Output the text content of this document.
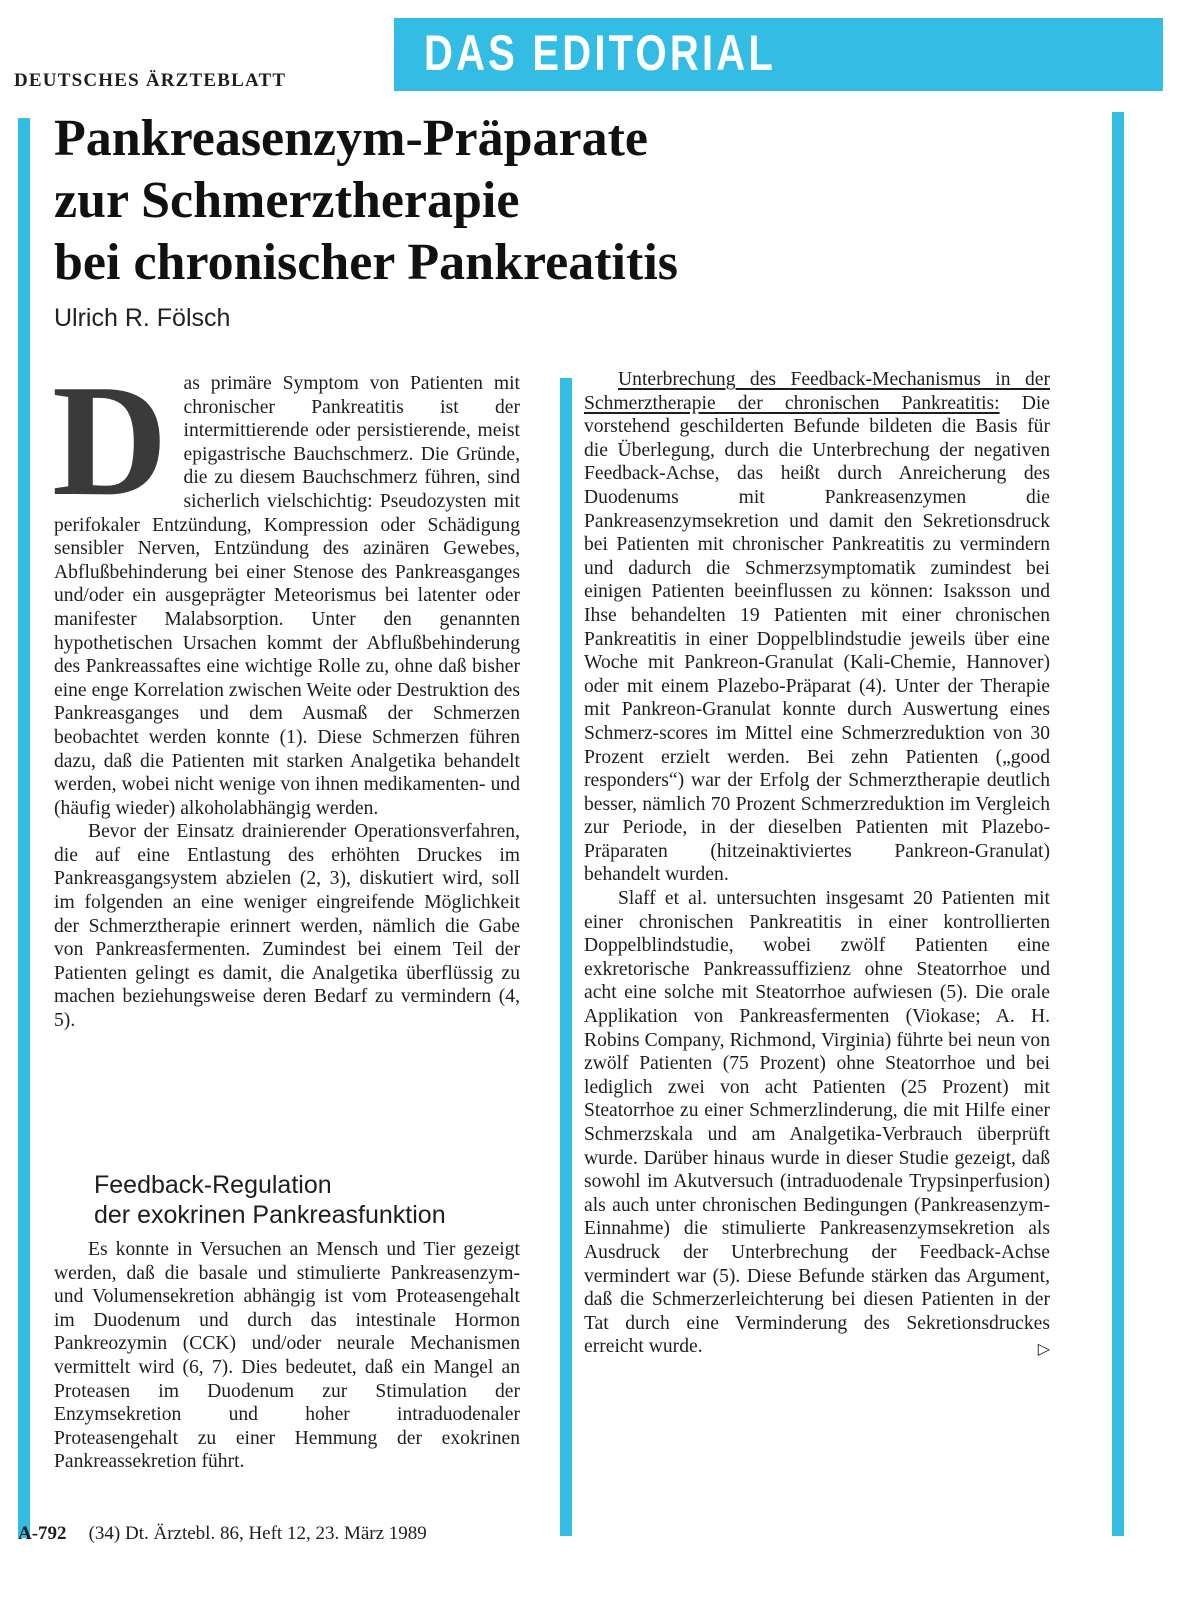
DEUTSCHES ÄRZTEBLATT	DAS EDITORIAL
Pankreasenzym-Präparate
zur Schmerztherapie
bei chronischer Pankreatitis
Ulrich R. Fölsch

Das primäre Symptom von Patienten mit chronischer Pankreatitis ist der intermittierende oder persistierende, meist epigastrische Bauchschmerz. Die Gründe, die zu diesem Bauchschmerz führen, sind sicherlich vielschichtig: Pseudozysten mit perifokaler Entzündung, Kompression oder Schädigung sensibler Nerven, Entzündung des azinären Gewebes, Abflußbehinderung bei einer Stenose des Pankreasganges und/oder ein ausgeprägter Meteorismus bei latenter oder manifester Malabsorption. Unter den genannten hypothetischen Ursachen kommt der Abflußbehinderung des Pankreassaftes eine wichtige Rolle zu, ohne daß bisher eine enge Korrelation zwischen Weite oder Destruktion des Pankreasganges und dem Ausmaß der Schmerzen beobachtet werden konnte (1). Diese Schmerzen führen dazu, daß die Patienten mit starken Analgetika behandelt werden, wobei nicht wenige von ihnen medikamenten- und (häufig wieder) alkoholabhängig werden.

Bevor der Einsatz drainierender Operationsverfahren, die auf eine Entlastung des erhöhten Druckes im Pankreasgangsystem abzielen (2, 3), diskutiert wird, soll im folgenden an eine weniger eingreifende Möglichkeit der Schmerztherapie erinnert werden, nämlich die Gabe von Pankreasfermenten. Zumindest bei einem Teil der Patienten gelingt es damit, die Analgetika überflüssig zu machen beziehungsweise deren Bedarf zu vermindern (4, 5).

Feedback-Regulation
der exokrinen Pankreasfunktion

Es konnte in Versuchen an Mensch und Tier gezeigt werden, daß die basale und stimulierte Pankreasenzym- und Volumensekretion abhängig ist vom Proteasengehalt im Duodenum und durch das intestinale Hormon Pankreozymin (CCK) und/oder neurale Mechanismen vermittelt wird (6, 7). Dies bedeutet, daß ein Mangel an Proteasen im Duodenum zur Stimulation der Enzymsekretion und hoher intraduodenaler Proteasengehalt zu einer Hemmung der exokrinen Pankreassekretion führt.

Unterbrechung des Feedback-Mechanismus in der Schmerztherapie der chronischen Pankreatitis: Die vorstehend geschilderten Befunde bildeten die Basis für die Überlegung, durch die Unterbrechung der negativen Feedback-Achse, das heißt durch Anreicherung des Duodenums mit Pankreasenzymen die Pankreasenzymsekretion und damit den Sekretionsdruck bei Patienten mit chronischer Pankreatitis zu vermindern und dadurch die Schmerzsymptomatik zumindest bei einigen Patienten beeinflussen zu können: Isaksson und Ihse behandelten 19 Patienten mit einer chronischen Pankreatitis in einer Doppelblindstudie jeweils über eine Woche mit Pankreon-Granulat (Kali-Chemie, Hannover) oder mit einem Plazebo-Präparat (4). Unter der Therapie mit Pankreon-Granulat konnte durch Auswertung eines Schmerz-scores im Mittel eine Schmerzreduktion von 30 Prozent erzielt werden. Bei zehn Patienten („good responders“) war der Erfolg der Schmerztherapie deutlich besser, nämlich 70 Prozent Schmerzreduktion im Vergleich zur Periode, in der dieselben Patienten mit Plazebo-Präparaten (hitzeinaktiviertes Pankreon-Granulat) behandelt wurden.

Slaff et al. untersuchten insgesamt 20 Patienten mit einer chronischen Pankreatitis in einer kontrollierten Doppelblindstudie, wobei zwölf Patienten eine exkretorische Pankreassuffizienz ohne Steatorrhoe und acht eine solche mit Steatorrhoe aufwiesen (5). Die orale Applikation von Pankreasfermenten (Viokase; A. H. Robins Company, Richmond, Virginia) führte bei neun von zwölf Patienten (75 Prozent) ohne Steatorrhoe und bei lediglich zwei von acht Patienten (25 Prozent) mit Steatorrhoe zu einer Schmerzlinderung, die mit Hilfe einer Schmerzskala und am Analgetika-Verbrauch überprüft wurde. Darüber hinaus wurde in dieser Studie gezeigt, daß sowohl im Akutversuch (intraduodenale Trypsinperfusion) als auch unter chronischen Bedingungen (Pankreasenzym-Einnahme) die stimulierte Pankreasenzymsekretion als Ausdruck der Unterbrechung der Feedback-Achse vermindert war (5). Diese Befunde stärken das Argument, daß die Schmerzerleichterung bei diesen Patienten in der Tat durch eine Verminderung des Sekretionsdruckes erreicht wurde.	▷

A-792 (34) Dt. Ärztebl. 86, Heft 12, 23. März 1989
